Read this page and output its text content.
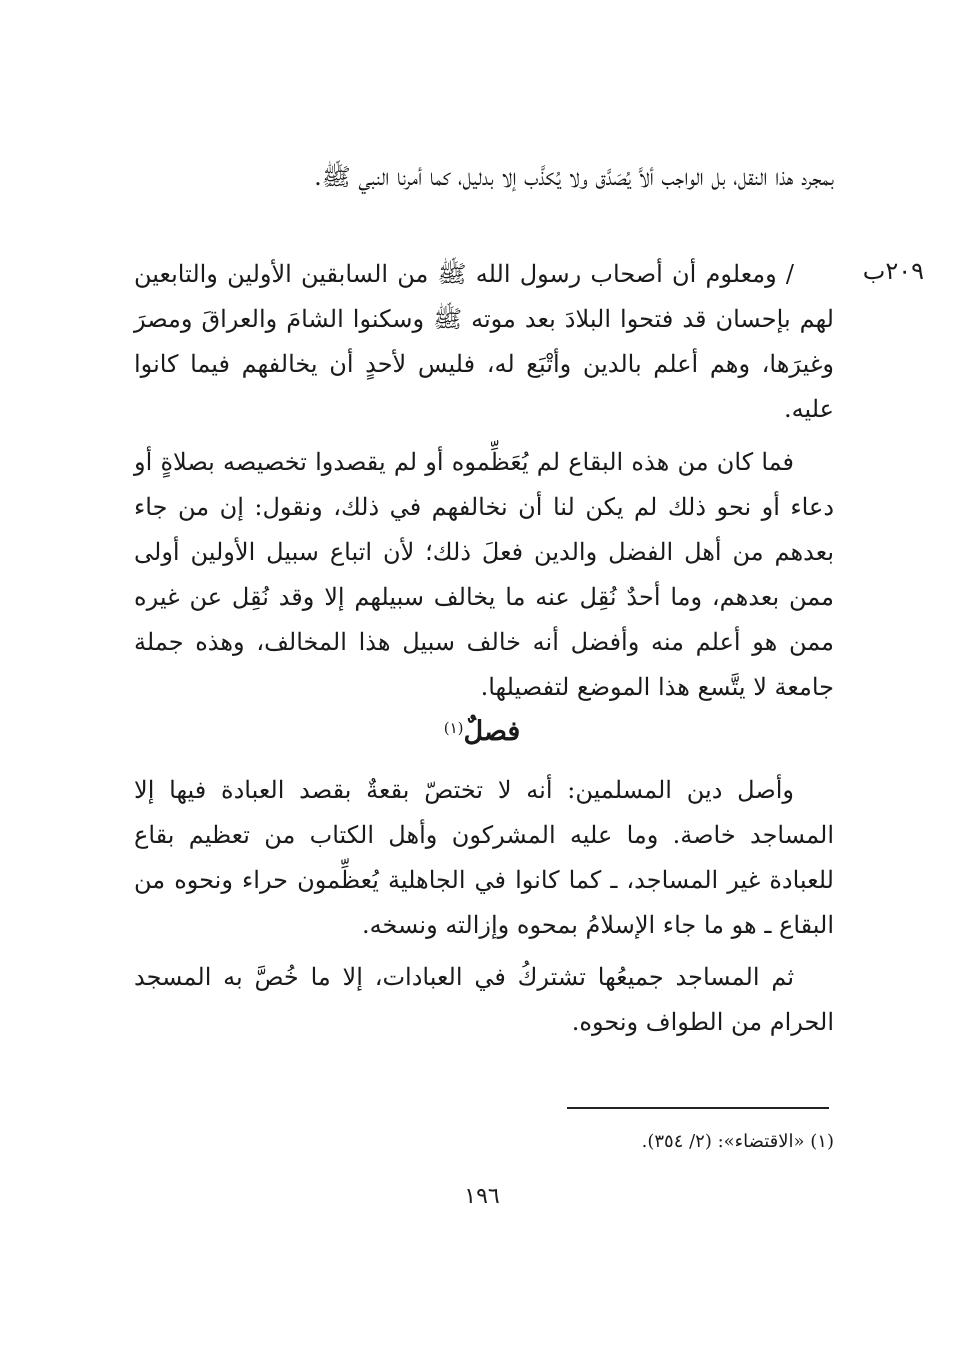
بمجرد هذا النقل، بل الواجب ألاَّ يُصَدَّق ولا يُكذَّب إلا بدليل، كما أمرنا النبي ﷺ.

٢٠٩ب

/ ومعلوم أن أصحاب رسول الله ﷺ من السابقين الأولين والتابعين لهم بإحسان قد فتحوا البلادَ بعد موته ﷺ وسكنوا الشامَ والعراقَ ومصرَ وغيرَها، وهم أعلم بالدين وأتْبَع له، فليس لأحدٍ أن يخالفهم فيما كانوا عليه.

فما كان من هذه البقاع لم يُعَظِّموه أو لم يقصدوا تخصيصه بصلاةٍ أو دعاء أو نحو ذلك لم يكن لنا أن نخالفهم في ذلك، ونقول: إن من جاء بعدهم من أهل الفضل والدين فعلَ ذلك؛ لأن اتباع سبيل الأولين أولى ممن بعدهم، وما أحدٌ نُقِل عنه ما يخالف سبيلهم إلا وقد نُقِل عن غيره ممن هو أعلم منه وأفضل أنه خالف سبيل هذا المخالف، وهذه جملة جامعة لا يتَّسع هذا الموضع لتفصيلها.

فصلٌ$^{(١)}$

وأصل دين المسلمين: أنه لا تختصّ بقعةٌ بقصد العبادة فيها إلا المساجد خاصة. وما عليه المشركون وأهل الكتاب من تعظيم بقاع للعبادة غير المساجد، ـ كما كانوا في الجاهلية يُعظِّمون حراء ونحوه من البقاع ـ هو ما جاء الإسلامُ بمحوه وإزالته ونسخه.

ثم المساجد جميعُها تشتركُ في العبادات، إلا ما خُصَّ به المسجد الحرام من الطواف ونحوه.

(١) «الاقتضاء»: (٢/ ٣٥٤).
١٩٦
